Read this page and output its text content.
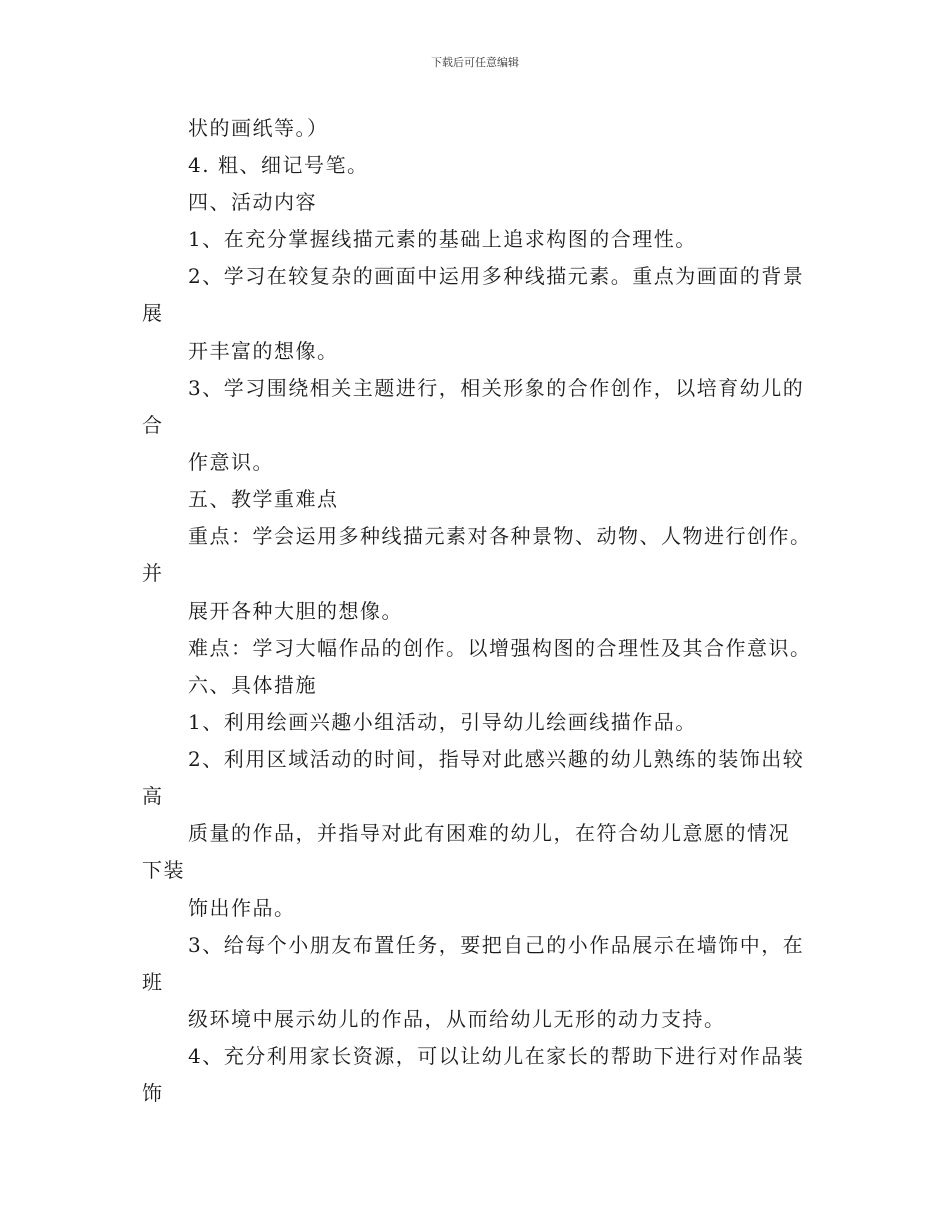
下载后可任意编辑
状的画纸等。）
4. 粗、细记号笔。
四、活动内容
1、在充分掌握线描元素的基础上追求构图的合理性。
2、学习在较复杂的画面中运用多种线描元素。重点为画面的背景
展
开丰富的想像。
3、学习围绕相关主题进行，相关形象的合作创作，以培育幼儿的
合
作意识。
五、教学重难点
重点：学会运用多种线描元素对各种景物、动物、人物进行创作。
并
展开各种大胆的想像。
难点：学习大幅作品的创作。以增强构图的合理性及其合作意识。
六、具体措施
1、利用绘画兴趣小组活动，引导幼儿绘画线描作品。
2、利用区域活动的时间，指导对此感兴趣的幼儿熟练的装饰出较
高
质量的作品，并指导对此有困难的幼儿，在符合幼儿意愿的情况
下装
饰出作品。
3、给每个小朋友布置任务，要把自己的小作品展示在墙饰中，在
班
级环境中展示幼儿的作品，从而给幼儿无形的动力支持。
4、充分利用家长资源，可以让幼儿在家长的帮助下进行对作品装
饰
